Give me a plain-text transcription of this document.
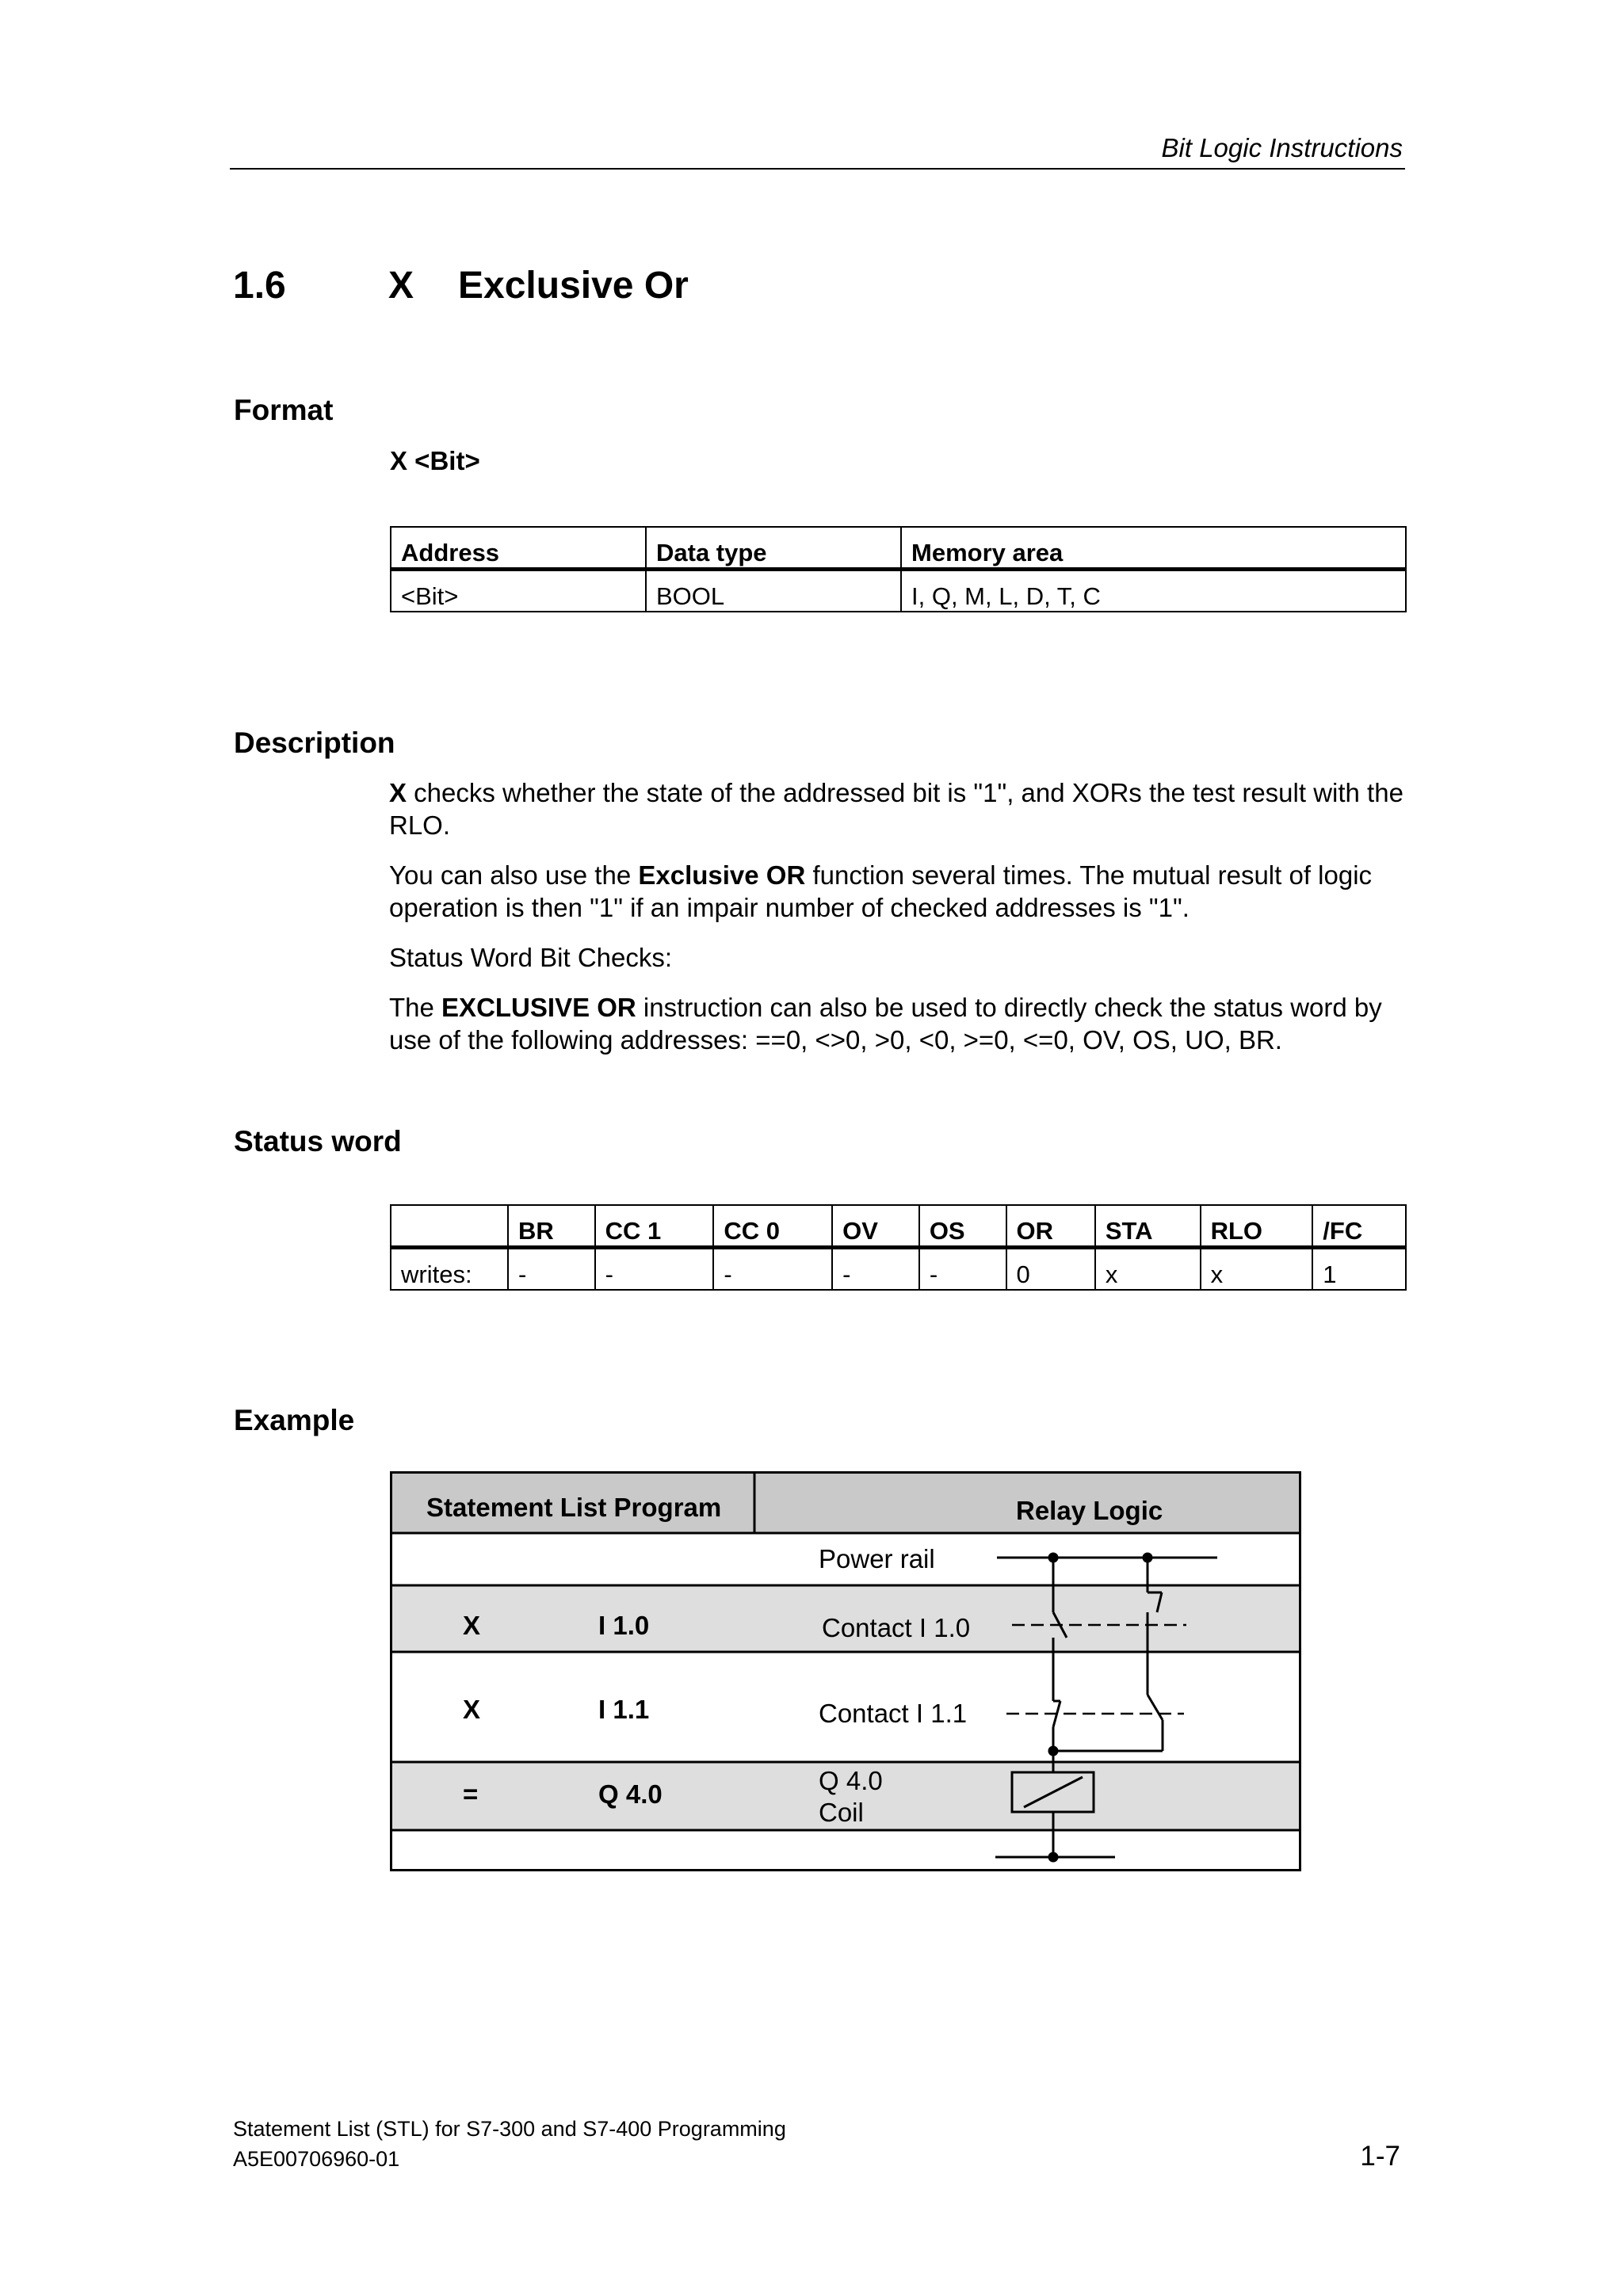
Bit Logic Instructions
1.6	X Exclusive Or
Format
X <Bit>
Address	Data type	Memory area
<Bit>	BOOL	I, Q, M, L, D, T, C
Description

X checks whether the state of the addressed bit is "1", and XORs the test result with the RLO.

You can also use the Exclusive OR function several times. The mutual result of logic operation is then "1" if an impair number of checked addresses is "1".

Status Word Bit Checks:

The EXCLUSIVE OR instruction can also be used to directly check the status word by use of the following addresses: ==0, <>0, >0, <0, >=0, <=0, OV, OS, UO, BR.

Status word
	BR	CC 1	CC 0	OV	OS	OR	STA	RLO	/FC
writes:	-	-	-	-	-	0	x	x	1
Example
Statement List Program	Relay Logic
Power rail
X	I 1.0	Contact I 1.0
X	I 1.1	Contact I 1.1
=	Q 4.0	Q 4.0
Coil
Statement List (STL) for S7-300 and S7-400 Programming
A5E00706960-01	1-7
